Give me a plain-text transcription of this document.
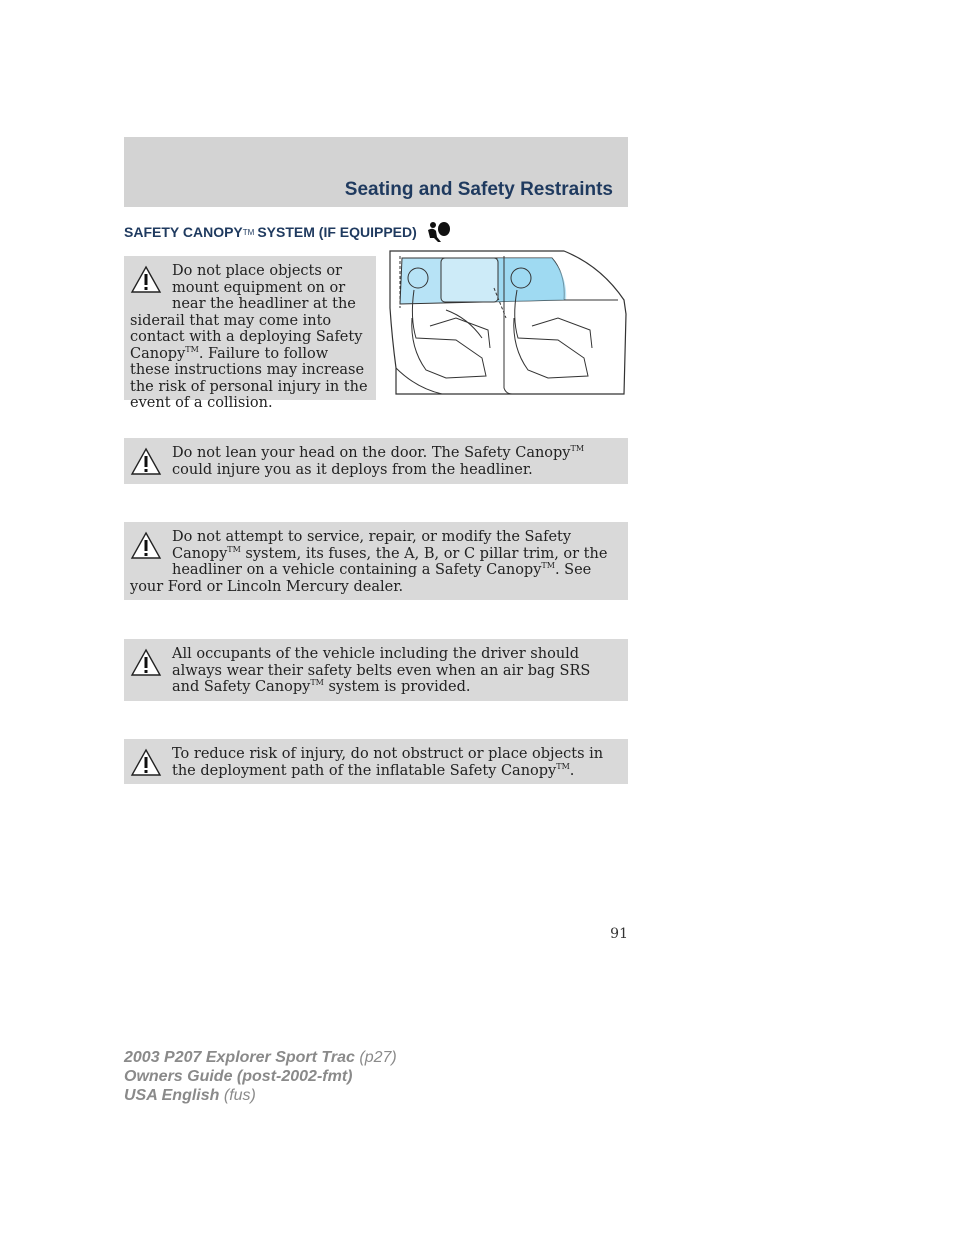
Seating and Safety Restraints
SAFETY CANOPY TM SYSTEM (IF EQUIPPED)

Do not place objects or mount equipment on or near the headliner at the siderail that may come into contact with a deploying Safety Canopy™. Failure to follow these instructions may increase the risk of personal injury in the event of a collision.

Do not lean your head on the door. The Safety Canopy™ could injure you as it deploys from the headliner.

Do not attempt to service, repair, or modify the Safety Canopy™ system, its fuses, the A, B, or C pillar trim, or the headliner on a vehicle containing a Safety Canopy™. See your Ford or Lincoln Mercury dealer.

All occupants of the vehicle including the driver should always wear their safety belts even when an air bag SRS and Safety Canopy™ system is provided.

To reduce risk of injury, do not obstruct or place objects in the deployment path of the inflatable Safety Canopy™.

91
2003 P207 Explorer Sport Trac (p27)
Owners Guide (post-2002-fmt)
USA English (fus)
